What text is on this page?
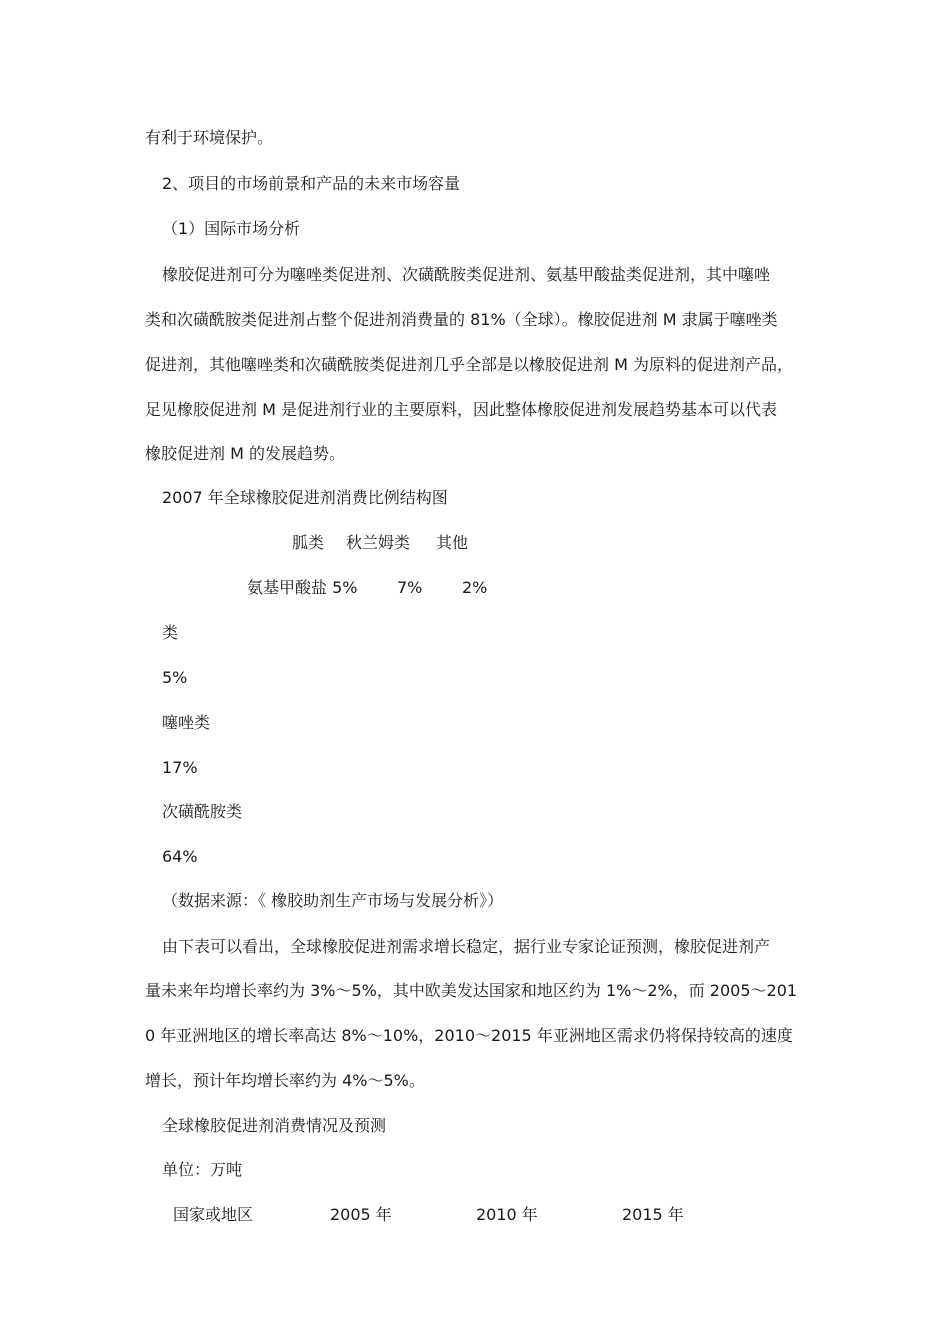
有利于环境保护。
2、项目的市场前景和产品的未来市场容量
（1）国际市场分析
橡胶促进剂可分为噻唑类促进剂、次磺酰胺类促进剂、氨基甲酸盐类促进剂，其中噻唑
类和次磺酰胺类促进剂占整个促进剂消费量的 81%（全球）。橡胶促进剂 M 隶属于噻唑类
促进剂，其他噻唑类和次磺酰胺类促进剂几乎全部是以橡胶促进剂 M 为原料的促进剂产品，
足见橡胶促进剂 M 是促进剂行业的主要原料，因此整体橡胶促进剂发展趋势基本可以代表
橡胶促进剂 M 的发展趋势。
2007 年全球橡胶促进剂消费比例结构图
胍类 秋兰姆类 其他
氨基甲酸盐 5% 7% 2%
类
5%
噻唑类
17%
次磺酰胺类
64%
（数据来源：《 橡胶助剂生产市场与发展分析》）
由下表可以看出，全球橡胶促进剂需求增长稳定，据行业专家论证预测，橡胶促进剂产
量未来年均增长率约为 3%～5%，其中欧美发达国家和地区约为 1%～2%，而 2005～201
0 年亚洲地区的增长率高达 8%～10%，2010～2015 年亚洲地区需求仍将保持较高的速度
增长，预计年均增长率约为 4%～5%。
全球橡胶促进剂消费情况及预测
单位：万吨
国家或地区	2005 年	2010 年	2015 年
